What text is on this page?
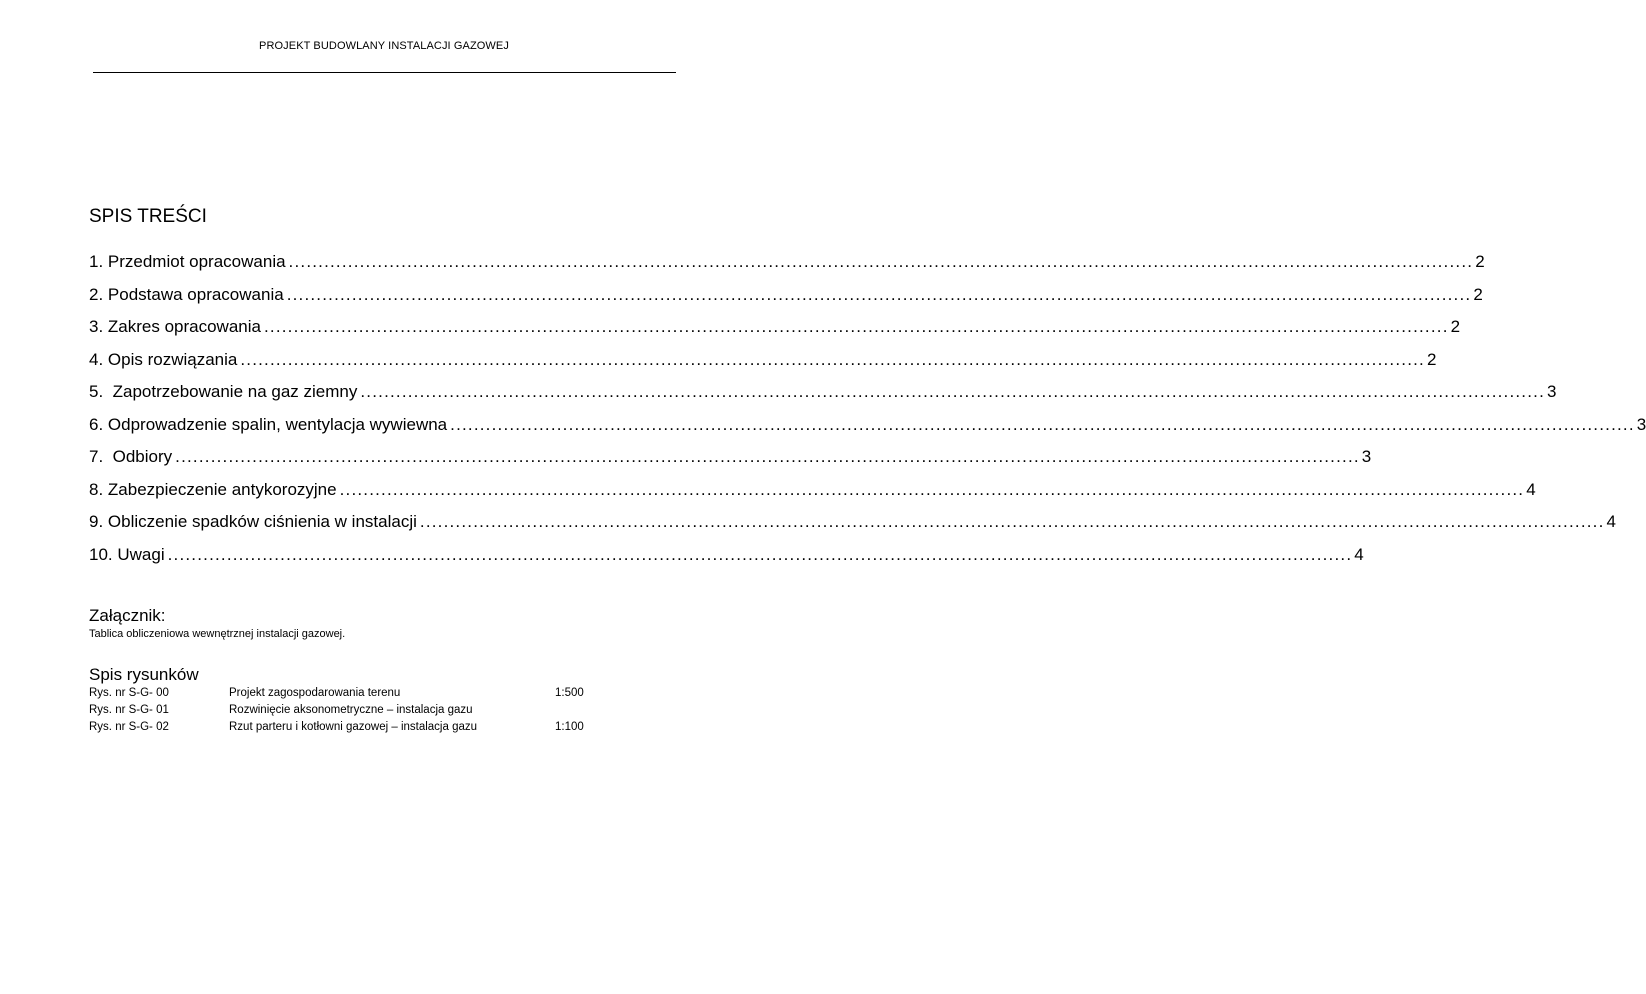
PROJEKT BUDOWLANY INSTALACJI GAZOWEJ
SPIS TREŚCI
1. Przedmiot opracowania ........................................................................................................................................................................................................ 2
2. Podstawa opracowania ........................................................................................................................................................................................................ 2
3. Zakres opracowania ........................................................................................................................................................................................................ 2
4. Opis rozwiązania ........................................................................................................................................................................................................ 2
5.  Zapotrzebowanie na gaz ziemny ........................................................................................................................................................................................................ 3
6. Odprowadzenie spalin, wentylacja wywiewna ........................................................................................................................................................................................................ 3
7.  Odbiory ........................................................................................................................................................................................................ 3
8. Zabezpieczenie antykorozyjne ........................................................................................................................................................................................................ 4
9. Obliczenie spadków ciśnienia w instalacji ........................................................................................................................................................................................................ 4
10. Uwagi ........................................................................................................................................................................................................ 4
Załącznik:
Tablica obliczeniowa wewnętrznej instalacji gazowej.
Spis rysunków
Rys. nr S-G- 00	Projekt zagospodarowania terenu	1:500
Rys. nr S-G- 01	Rozwinięcie aksonometryczne – instalacja gazu
Rys. nr S-G- 02	Rzut parteru i kotłowni gazowej – instalacja gazu	1:100
